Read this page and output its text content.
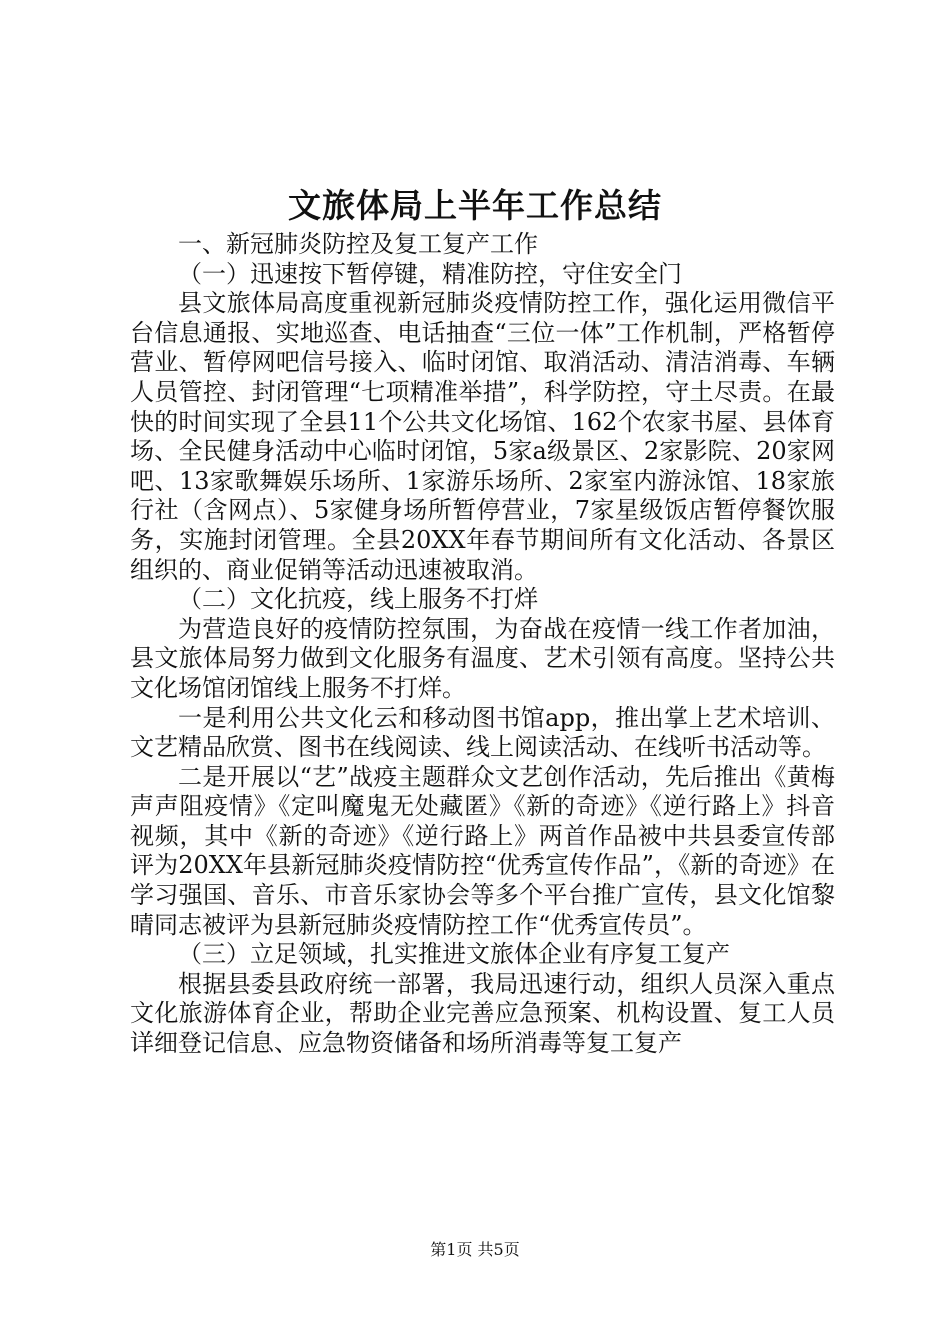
文旅体局上半年工作总结

一、新冠肺炎防控及复工复产工作

（一）迅速按下暂停键，精准防控，守住安全门

县文旅体局高度重视新冠肺炎疫情防控工作，强化运用微信平台信息通报、实地巡查、电话抽查“三位一体”工作机制，严格暂停营业、暂停网吧信号接入、临时闭馆、取消活动、清洁消毒、车辆人员管控、封闭管理“七项精准举措”，科学防控，守土尽责。在最快的时间实现了全县11个公共文化场馆、162个农家书屋、县体育场、全民健身活动中心临时闭馆，5家a级景区、2家影院、20家网吧、13家歌舞娱乐场所、1家游乐场所、2家室内游泳馆、18家旅行社（含网点）、5家健身场所暂停营业，7家星级饭店暂停餐饮服务，实施封闭管理。全县20XX年春节期间所有文化活动、各景区组织的、商业促销等活动迅速被取消。

（二）文化抗疫，线上服务不打烊

为营造良好的疫情防控氛围，为奋战在疫情一线工作者加油，县文旅体局努力做到文化服务有温度、艺术引领有高度。坚持公共文化场馆闭馆线上服务不打烊。

一是利用公共文化云和移动图书馆app，推出掌上艺术培训、文艺精品欣赏、图书在线阅读、线上阅读活动、在线听书活动等。

二是开展以“艺”战疫主题群众文艺创作活动，先后推出《黄梅声声阻疫情》《定叫魔鬼无处藏匿》《新的奇迹》《逆行路上》抖音视频，其中《新的奇迹》《逆行路上》两首作品被中共县委宣传部评为20XX年县新冠肺炎疫情防控“优秀宣传作品”，《新的奇迹》在学习强国、音乐、市音乐家协会等多个平台推广宣传，县文化馆黎晴同志被评为县新冠肺炎疫情防控工作“优秀宣传员”。

（三）立足领域，扎实推进文旅体企业有序复工复产

根据县委县政府统一部署，我局迅速行动，组织人员深入重点文化旅游体育企业，帮助企业完善应急预案、机构设置、复工人员详细登记信息、应急物资储备和场所消毒等复工复产

第1页 共5页
